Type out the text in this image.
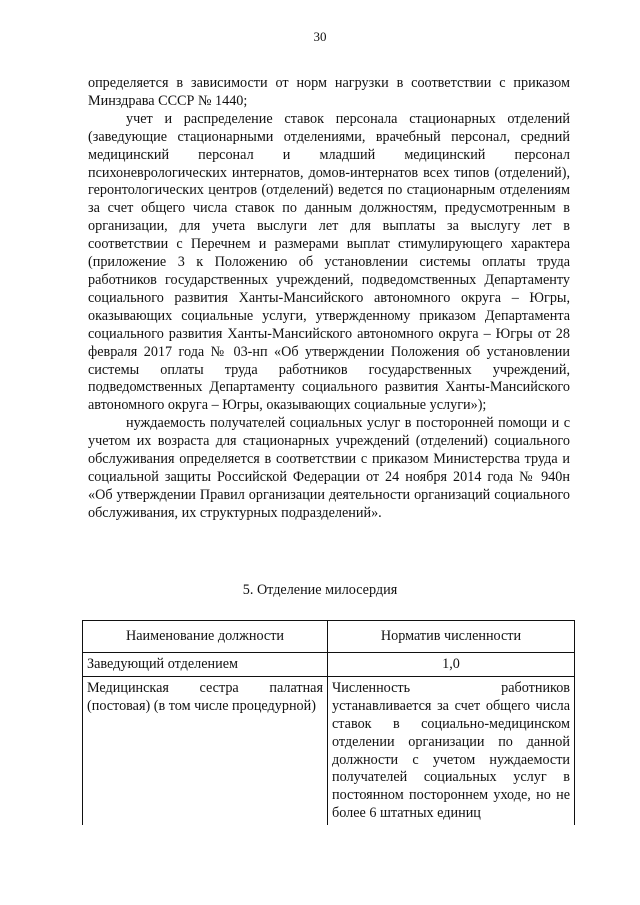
30

определяется в зависимости от норм нагрузки в соответствии с приказом Минздрава СССР № 1440;

учет и распределение ставок персонала стационарных отделений (заведующие стационарными отделениями, врачебный персонал, средний медицинский персонал и младший медицинский персонал психоневрологических интернатов, домов-интернатов всех типов (отделений), геронтологических центров (отделений) ведется по стационарным отделениям за счет общего числа ставок по данным должностям, предусмотренным в организации, для учета выслуги лет для выплаты за выслугу лет в соответствии с Перечнем и размерами выплат стимулирующего характера (приложение 3 к Положению об установлении системы оплаты труда работников государственных учреждений, подведомственных Департаменту социального развития Ханты-Мансийского автономного округа – Югры, оказывающих социальные услуги, утвержденному приказом Департамента социального развития Ханты-Мансийского автономного округа – Югры от 28 февраля 2017 года № 03-нп «Об утверждении Положения об установлении системы оплаты труда работников государственных учреждений, подведомственных Департаменту социального развития Ханты-Мансийского автономного округа – Югры, оказывающих социальные услуги»);

нуждаемость получателей социальных услуг в посторонней помощи и с учетом их возраста для стационарных учреждений (отделений) социального обслуживания определяется в соответствии с приказом Министерства труда и социальной защиты Российской Федерации от 24 ноября 2014 года № 940н «Об утверждении Правил организации деятельности организаций социального обслуживания, их структурных подразделений».

5. Отделение милосердия
Наименование должности	Норматив численности
Заведующий отделением	1,0
Медицинская сестра палатная (постовая) (в том числе процедурной)	Численность работников устанавливается за счет общего числа ставок в социально-медицинском отделении организации по данной должности с учетом нуждаемости получателей социальных услуг в постоянном постороннем уходе, но не более 6 штатных единиц
